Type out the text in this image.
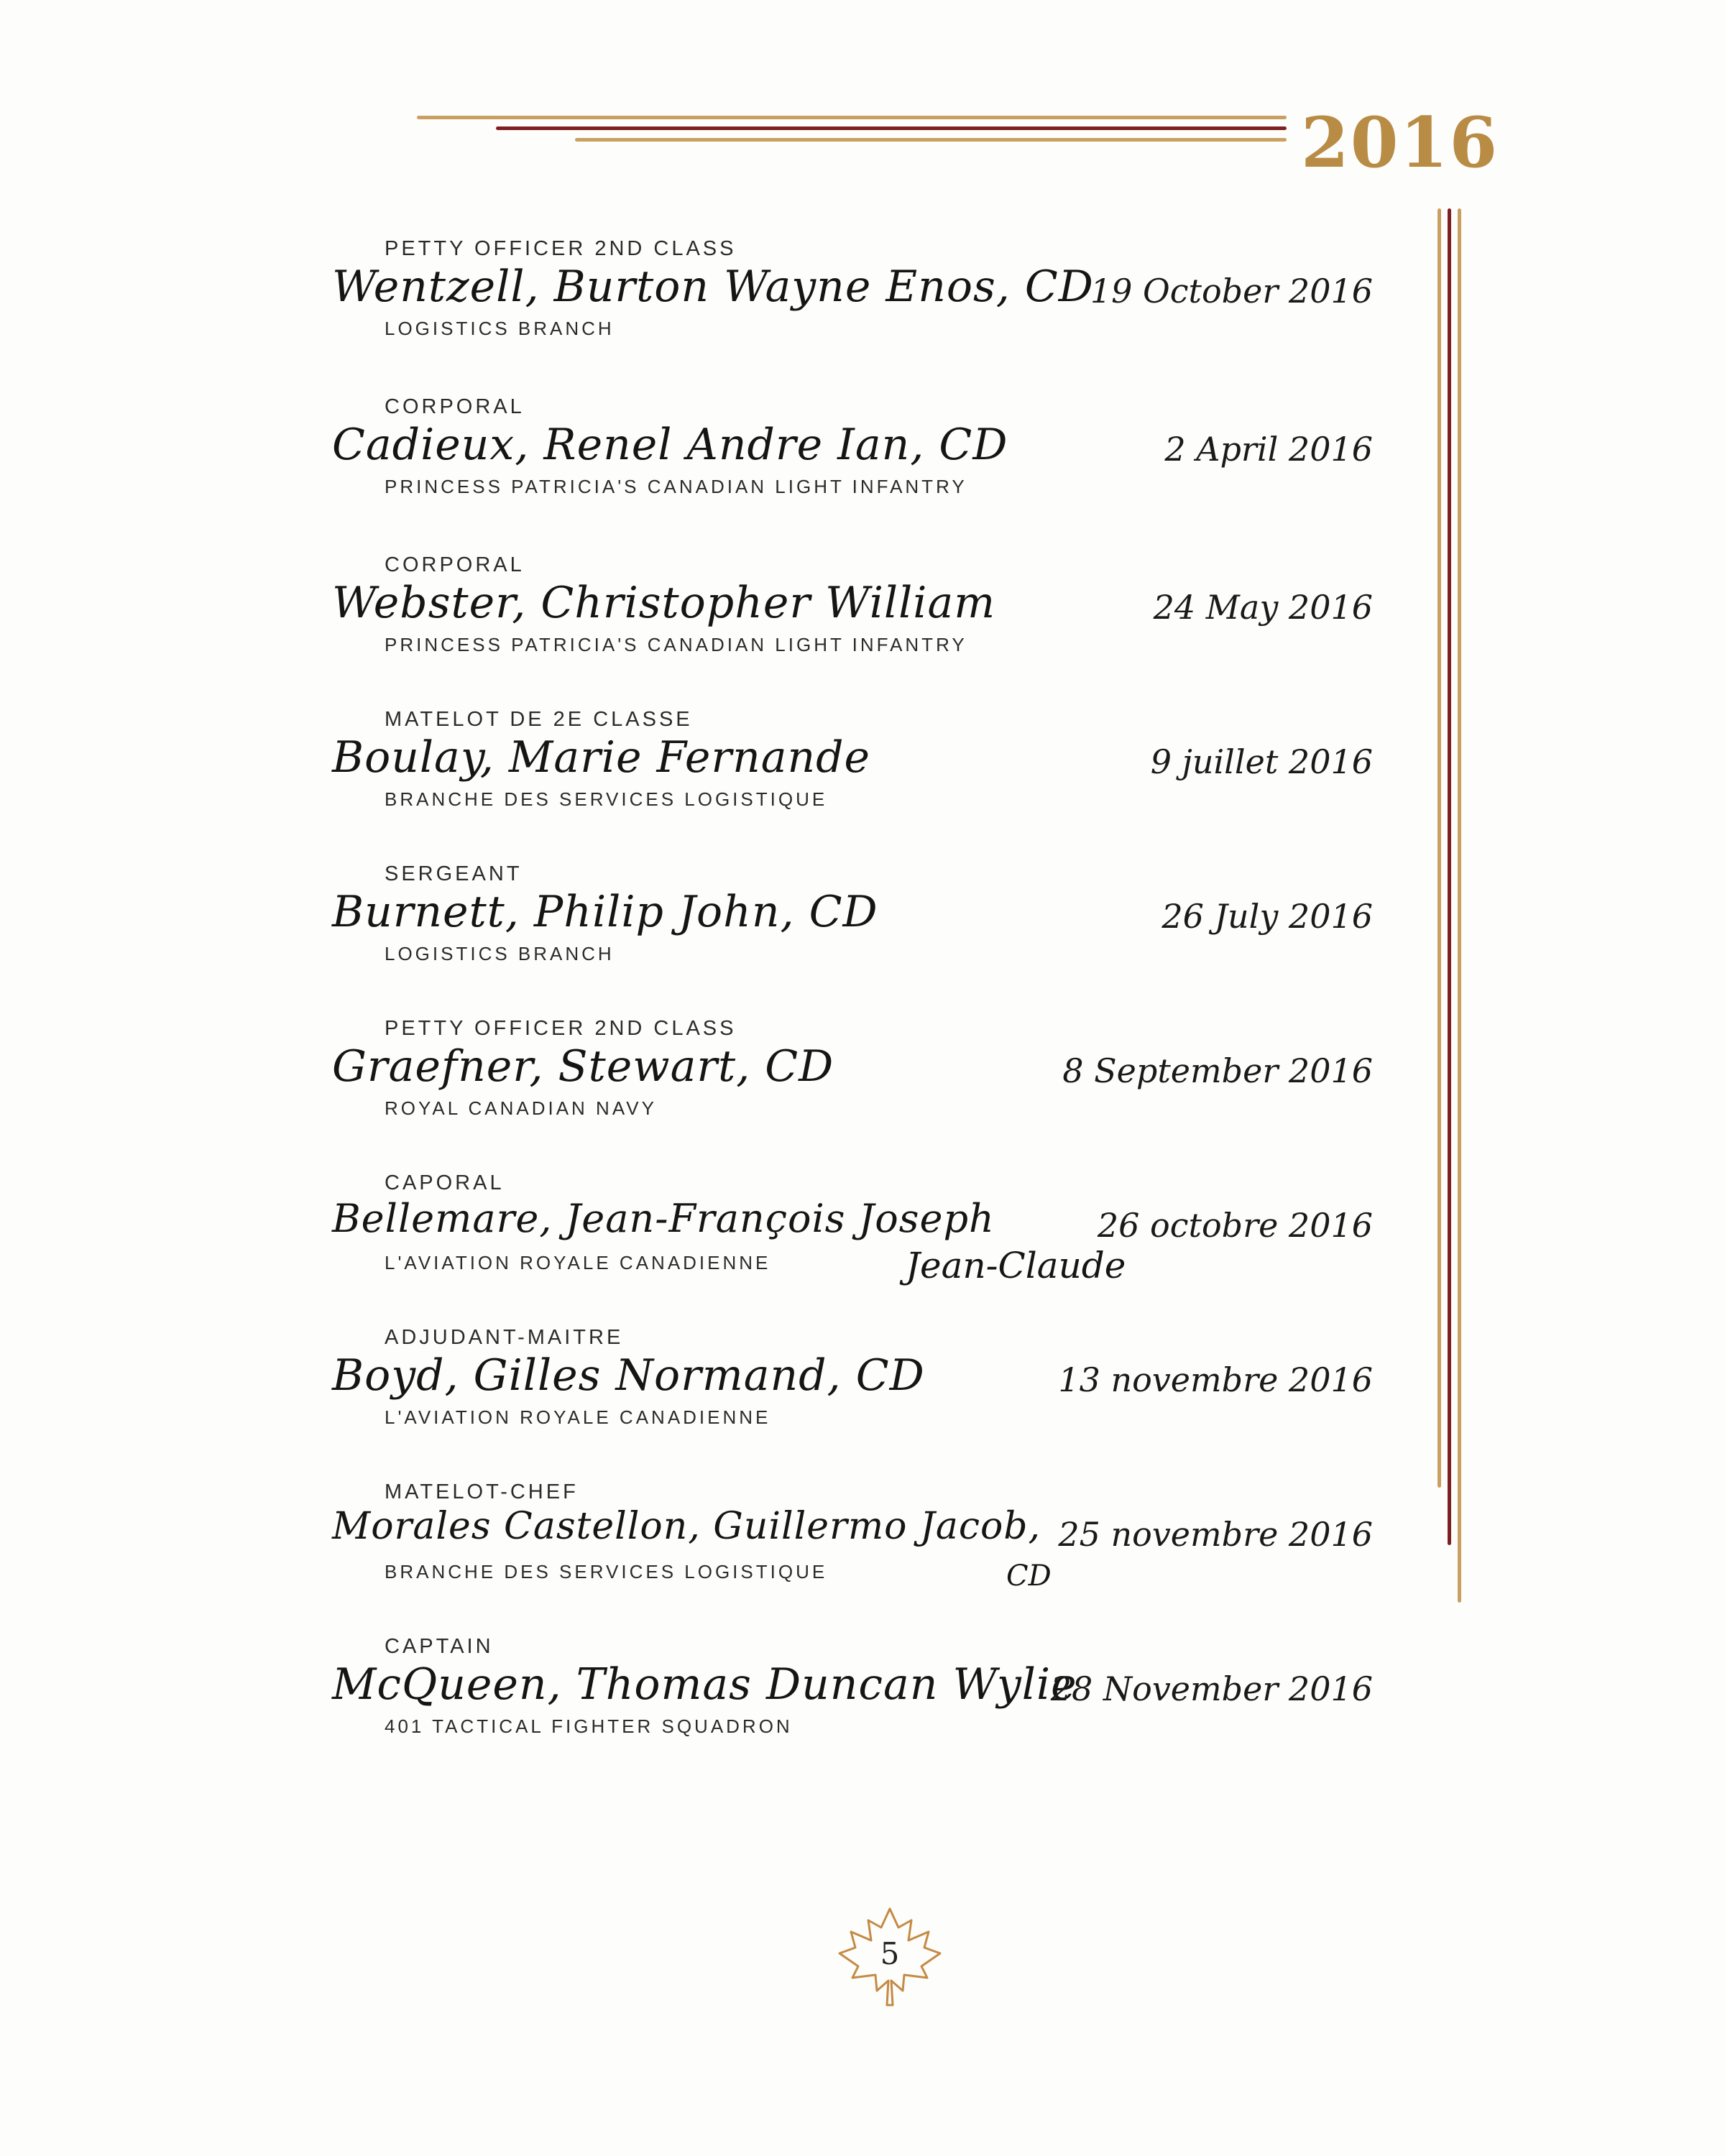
2016
PETTY OFFICER 2ND CLASS
Wentzell, Burton Wayne Enos, CD
LOGISTICS BRANCH
19 October 2016
CORPORAL
Cadieux, Renel Andre Ian, CD
PRINCESS PATRICIA'S CANADIAN LIGHT INFANTRY
2 April 2016
CORPORAL
Webster, Christopher William
PRINCESS PATRICIA'S CANADIAN LIGHT INFANTRY
24 May 2016
MATELOT DE 2E CLASSE
Boulay, Marie Fernande
BRANCHE DES SERVICES LOGISTIQUE
9 juillet 2016
SERGEANT
Burnett, Philip John, CD
LOGISTICS BRANCH
26 July 2016
PETTY OFFICER 2ND CLASS
Graefner, Stewart, CD
ROYAL CANADIAN NAVY
8 September 2016
CAPORAL
Bellemare, Jean-François Joseph
Jean-Claude
L'AVIATION ROYALE CANADIENNE
26 octobre 2016
ADJUDANT-MAITRE
Boyd, Gilles Normand, CD
L'AVIATION ROYALE CANADIENNE
13 novembre 2016
MATELOT-CHEF
Morales Castellon, Guillermo Jacob,
CD
BRANCHE DES SERVICES LOGISTIQUE
25 novembre 2016
CAPTAIN
McQueen, Thomas Duncan Wylie
401 TACTICAL FIGHTER SQUADRON
28 November 2016
5
